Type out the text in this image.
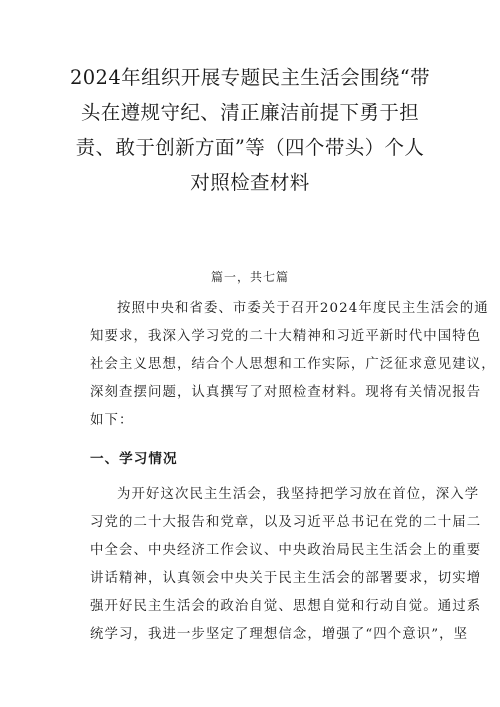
2024年组织开展专题民主生活会围绕“带
头在遵规守纪、清正廉洁前提下勇于担
责、敢于创新方面”等（四个带头）个人
对照检查材料
篇一，共七篇
按照中央和省委、市委关于召开2024年度民主生活会的通
知要求，我深入学习党的二十大精神和习近平新时代中国特色
社会主义思想，结合个人思想和工作实际，广泛征求意见建议，
深刻查摆问题，认真撰写了对照检查材料。现将有关情况报告
如下：
一、学习情况
为开好这次民主生活会，我坚持把学习放在首位，深入学
习党的二十大报告和党章，以及习近平总书记在党的二十届二
中全会、中央经济工作会议、中央政治局民主生活会上的重要
讲话精神，认真领会中央关于民主生活会的部署要求，切实增
强开好民主生活会的政治自觉、思想自觉和行动自觉。通过系
统学习，我进一步坚定了理想信念，增强了“四个意识”，坚
